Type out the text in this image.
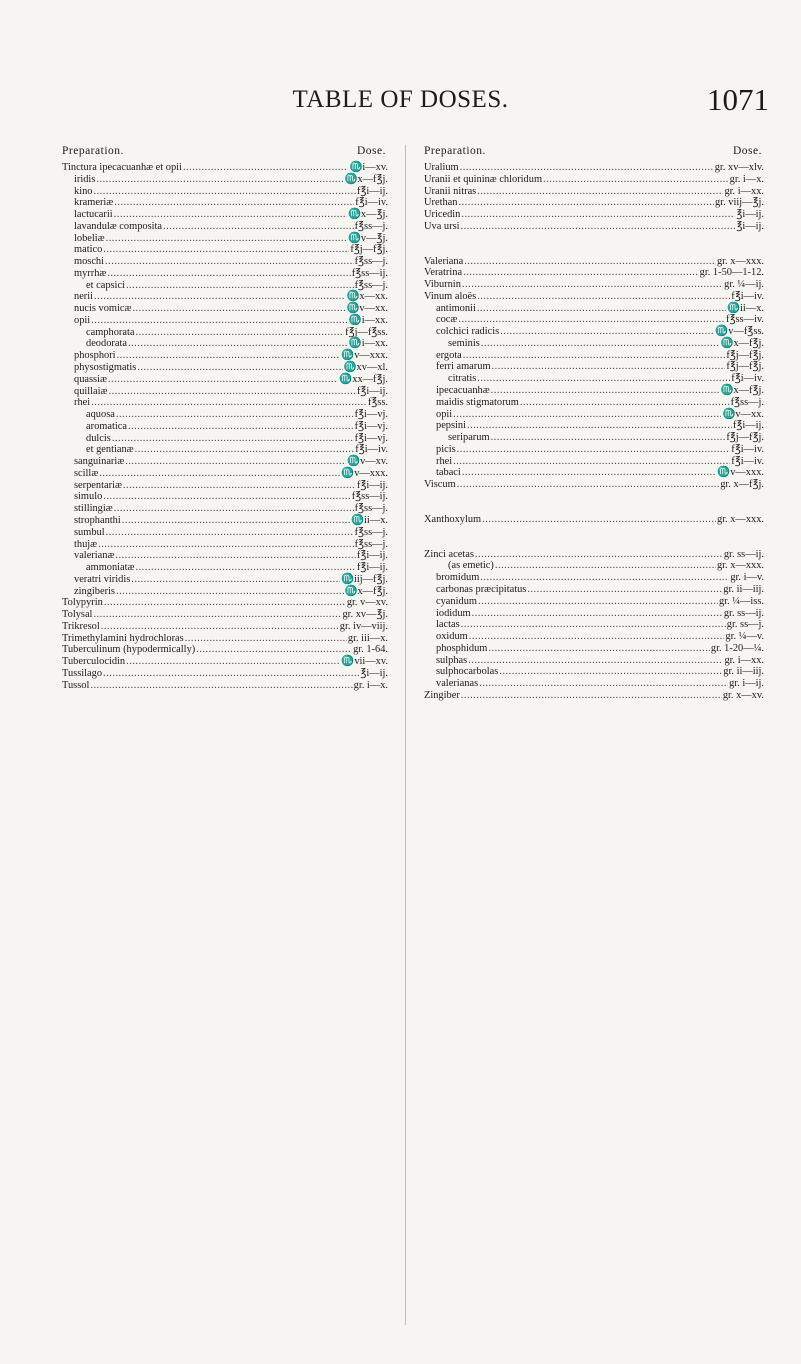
TABLE OF DOSES.	1071
Preparation.	Dose.
Tinctura ipecacuanhæ et opii .....	♏i—xv.
iridis .....	♏x—f℥j.
kino .....	f℥i—ij.
krameriæ .....	f℥i—iv.
lactucarii .....	♏x—℥j.
lavandulæ composita .....	f℥ss—j.
lobeliæ .....	♏v—℥j.
matico .....	f℥j—f℥j.
moschi .....	f℥ss—j.
myrrhæ .....	f℥ss—ij.
et capsici .....	f℥ss—j.
nerii .....	♏x—xx.
nucis vomicæ .....	♏v—xx.
opii .....	♏i—xx.
camphorata .....	f℥j—f℥ss.
deodorata .....	♏i—xx.
phosphori .....	♏v—xxx.
physostigmatis .....	♏xv—xl.
quassiæ .....	♏xx—f℥j.
quillaiæ .....	f℥i—ij.
rhei .....	f℥ss.
aquosa .....	f℥i—vj.
aromatica .....	f℥i—vj.
dulcis .....	f℥i—vj.
et gentianæ .....	f℥i—iv.
sanguinariæ .....	♏v—xv.
scillæ .....	♏v—xxx.
serpentariæ .....	f℥i—ij.
simulo .....	f℥ss—ij.
stillingiæ .....	f℥ss—j.
strophanthi .....	♏ii—x.
sumbul .....	f℥ss—j.
thujæ .....	f℥ss—j.
valerianæ .....	f℥i—ij.
ammoniatæ .....	f℥i—ij.
veratri viridis .....	♏iij—f℥j.
zingiberis .....	♏x—f℥j.
Tolypyrin .....	gr. v—xv.
Tolysal .....	gr. xv—℥j.
Trikresol .....	gr. iv—viij.
Trimethylamini hydrochloras .....	gr. iii—x.
Tuberculinum (hypodermically) .....	gr. 1-64.
Tuberculocidin .....	♏vii—xv.
Tussilago .....	℥i—ij.
Tussol .....	gr. i—x.
Preparation.	Dose.
Uralium .....	gr. xv—xlv.
Uranii et quininæ chloridum .....	gr. i—x.
Uranii nitras .....	gr. i—xx.
Urethan .....	gr. viij—℥j.
Uricedin .....	℥i—ij.
Uva ursi .....	℥i—ij.
Valeriana .....	gr. x—xxx.
Veratrina .....	gr. 1-50—1-12.
Viburnin .....	gr. ¼—ij.
Vinum aloës .....	f℥i—iv.
antimonii .....	♏ii—x.
cocæ .....	f℥ss—iv.
colchici radicis .....	♏v—f℥ss.
seminis .....	♏x—f℥j.
ergota .....	f℥j—f℥j.
ferri amarum .....	f℥j—f℥j.
citratis .....	f℥i—iv.
ipecacuanhæ .....	♏x—f℥j.
maidis stigmatorum .....	f℥ss—j.
opii .....	♏v—xx.
pepsini .....	f℥i—ij.
seriparum .....	f℥j—f℥j.
picis .....	f℥i—iv.
rhei .....	f℥i—iv.
tabaci .....	♏v—xxx.
Viscum .....	gr. x—f℥j.
Xanthoxylum .....	gr. x—xxx.
Zinci acetas .....	gr. ss—ij.
(as emetic) .....	gr. x—xxx.
bromidum .....	gr. i—v.
carbonas præcipitatus .....	gr. ii—iij.
cyanidum .....	gr. ¼—iss.
iodidum .....	gr. ss—ij.
lactas .....	gr. ss—j.
oxidum .....	gr. ¼—v.
phosphidum .....	gr. 1-20—¼.
sulphas .....	gr. i—xx.
sulphocarbolas .....	gr. ii—iij.
valerianas .....	gr. i—ij.
Zingiber .....	gr. x—xv.
